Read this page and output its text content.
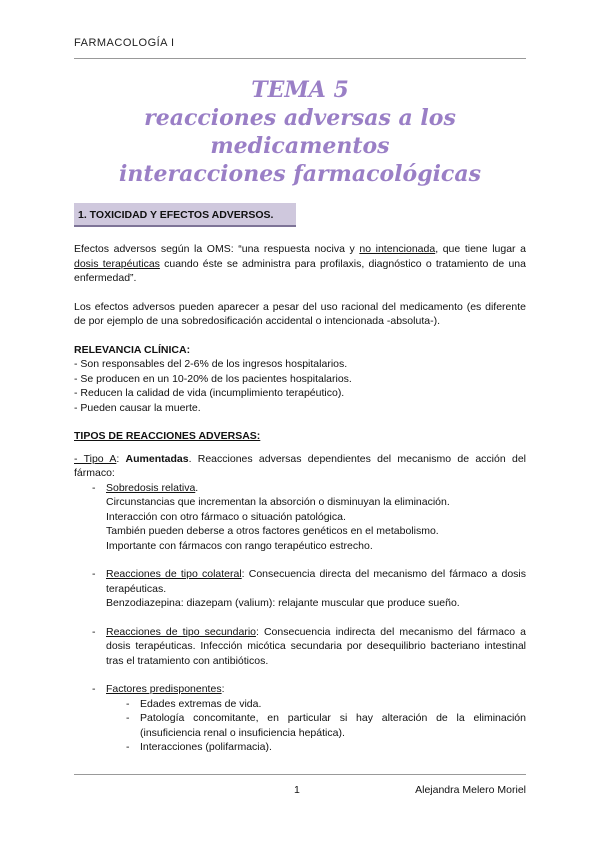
FARMACOLOGÍA I
TEMA 5
reacciones adversas a los medicamentos
interacciones farmacológicas
1. TOXICIDAD Y EFECTOS ADVERSOS.

Efectos adversos según la OMS: “una respuesta nociva y no intencionada, que tiene lugar a dosis terapéuticas cuando éste se administra para profilaxis, diagnóstico o tratamiento de una enfermedad”.

Los efectos adversos pueden aparecer a pesar del uso racional del medicamento (es diferente de por ejemplo de una sobredosificación accidental o intencionada -absoluta-).

RELEVANCIA CLÍNICA:

- Son responsables del 2-6% de los ingresos hospitalarios.

- Se producen en un 10-20% de los pacientes hospitalarios.

- Reducen la calidad de vida (incumplimiento terapéutico).

- Pueden causar la muerte.

TIPOS DE REACCIONES ADVERSAS:

- Tipo A: Aumentadas. Reacciones adversas dependientes del mecanismo de acción del fármaco:

-	Sobredosis relativa.

Circunstancias que incrementan la absorción o disminuyan la eliminación.

Interacción con otro fármaco o situación patológica.

También pueden deberse a otros factores genéticos en el metabolismo.

Importante con fármacos con rango terapéutico estrecho.

-	Reacciones de tipo colateral: Consecuencia directa del mecanismo del fármaco a dosis terapéuticas.

Benzodiazepina: diazepam (valium): relajante muscular que produce sueño.

-	Reacciones de tipo secundario: Consecuencia indirecta del mecanismo del fármaco a dosis terapéuticas. Infección micótica secundaria por desequilibrio bacteriano intestinal tras el tratamiento con antibióticos.

-	Factores predisponentes:

-	Edades extremas de vida.

-	Patología concomitante, en particular si hay alteración de la eliminación (insuficiencia renal o insuficiencia hepática).

-	Interacciones (polifarmacia).

1	Alejandra Melero Moriel
